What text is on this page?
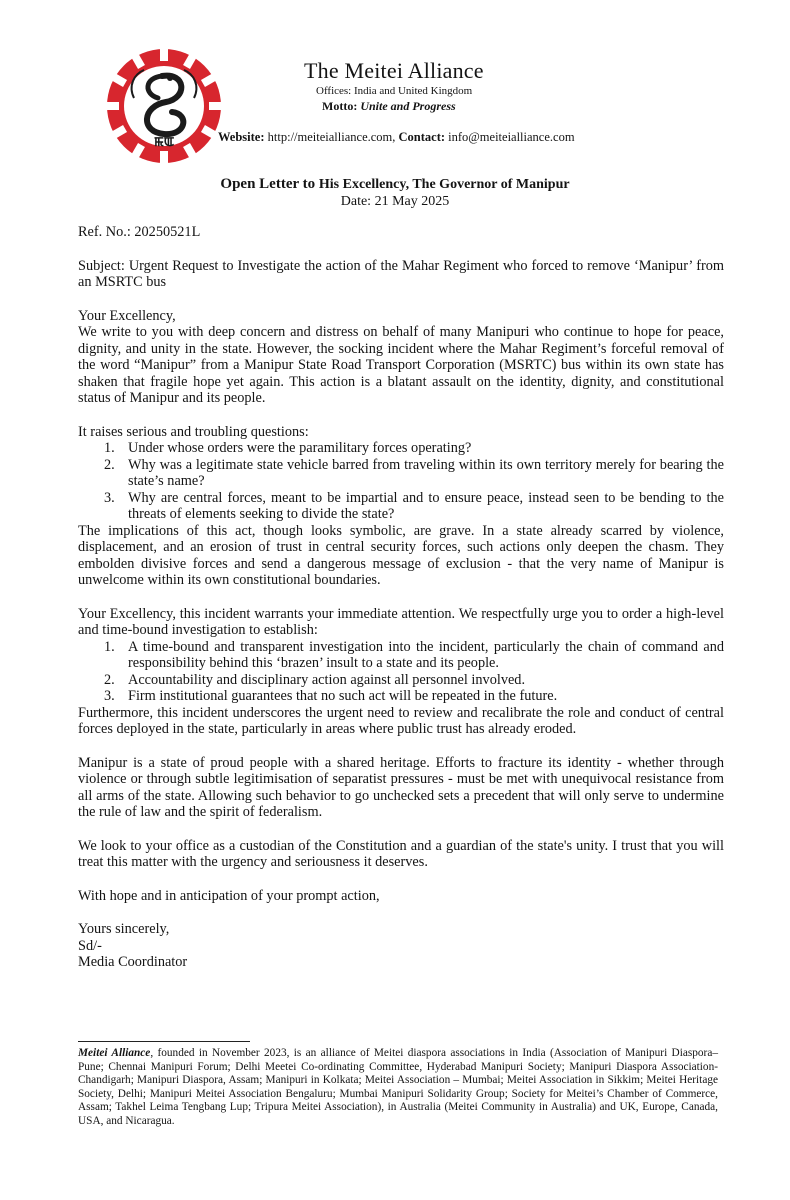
ꯃꯑ
The Meitei Alliance
Offices: India and United Kingdom
Motto: Unite and Progress
Website: http://meiteialliance.com, Contact: info@meiteialliance.com
Open Letter to His Excellency, The Governor of Manipur
Date: 21 May 2025

Ref. No.: 20250521L

Subject: Urgent Request to Investigate the action of the Mahar Regiment who forced to remove ‘Manipur’ from an MSRTC bus

Your Excellency,

We write to you with deep concern and distress on behalf of many Manipuri who continue to hope for peace, dignity, and unity in the state. However, the socking incident where the Mahar Regiment’s forceful removal of the word “Manipur” from a Manipur State Road Transport Corporation (MSRTC) bus within its own state has shaken that fragile hope yet again. This action is a blatant assault on the identity, dignity, and constitutional status of Manipur and its people.

It raises serious and troubling questions:

1. Under whose orders were the paramilitary forces operating?
2. Why was a legitimate state vehicle barred from traveling within its own territory merely for bearing the state’s name?
3. Why are central forces, meant to be impartial and to ensure peace, instead seen to be bending to the threats of elements seeking to divide the state?

The implications of this act, though looks symbolic, are grave. In a state already scarred by violence, displacement, and an erosion of trust in central security forces, such actions only deepen the chasm. They embolden divisive forces and send a dangerous message of exclusion - that the very name of Manipur is unwelcome within its own constitutional boundaries.

Your Excellency, this incident warrants your immediate attention. We respectfully urge you to order a high-level and time-bound investigation to establish:

1. A time-bound and transparent investigation into the incident, particularly the chain of command and responsibility behind this ‘brazen’ insult to a state and its people.
2. Accountability and disciplinary action against all personnel involved.
3. Firm institutional guarantees that no such act will be repeated in the future.

Furthermore, this incident underscores the urgent need to review and recalibrate the role and conduct of central forces deployed in the state, particularly in areas where public trust has already eroded.

Manipur is a state of proud people with a shared heritage. Efforts to fracture its identity - whether through violence or through subtle legitimisation of separatist pressures - must be met with unequivocal resistance from all arms of the state. Allowing such behavior to go unchecked sets a precedent that will only serve to undermine the rule of law and the spirit of federalism.

We look to your office as a custodian of the Constitution and a guardian of the state's unity. I trust that you will treat this matter with the urgency and seriousness it deserves.

With hope and in anticipation of your prompt action,

Yours sincerely,

Sd/-

Media Coordinator

Meitei Alliance, founded in November 2023, is an alliance of Meitei diaspora associations in India (Association of Manipuri Diaspora– Pune; Chennai Manipuri Forum; Delhi Meetei Co-ordinating Committee, Hyderabad Manipuri Society; Manipuri Diaspora Association- Chandigarh; Manipuri Diaspora, Assam; Manipuri in Kolkata; Meitei Association – Mumbai; Meitei Association in Sikkim; Meitei Heritage Society, Delhi; Manipuri Meitei Association Bengaluru; Mumbai Manipuri Solidarity Group; Society for Meitei’s Chamber of Commerce, Assam; Takhel Leima Tengbang Lup; Tripura Meitei Association), in Australia (Meitei Community in Australia) and UK, Europe, Canada, USA, and Nicaragua.
